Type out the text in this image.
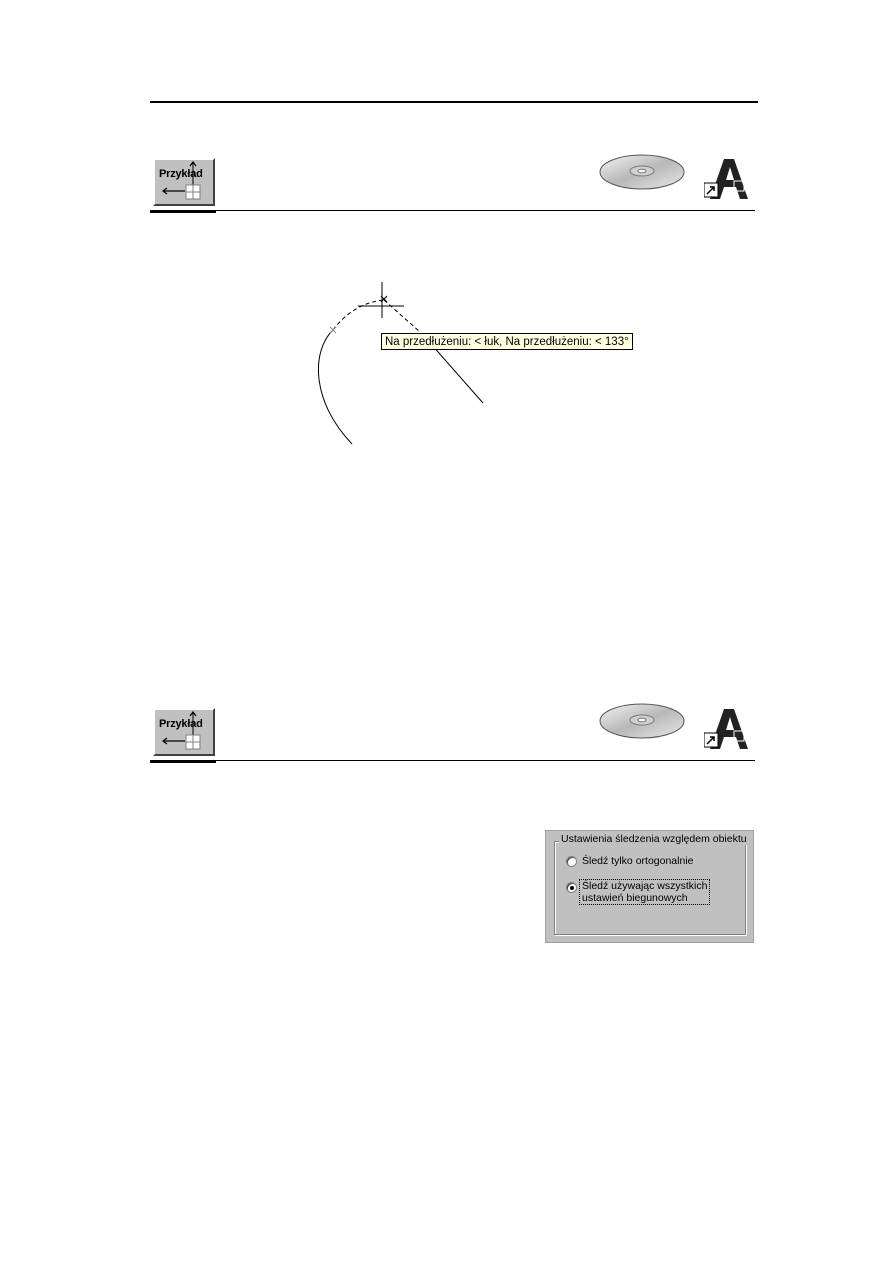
Przykład
Na przedłużeniu: < łuk, Na przedłużeniu: < 133°
Przykład
Ustawienia śledzenia względem obiektu
Śledź tylko ortogonalnie
Śledź używając wszystkich
ustawień biegunowych
